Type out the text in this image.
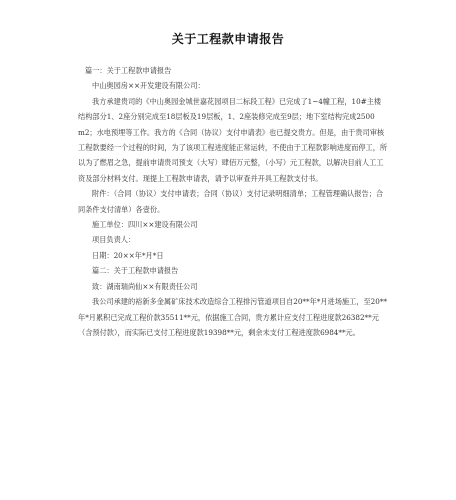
关于工程款申请报告

篇一：关于工程款申请报告

中山奥园房××开发建设有限公司：

我方承建贵司的《中山奥园金城世嘉花园项目二标段工程》已完成了1~4幢工程，10#主楼结构部分1、2座分别完成至18层板及19层板，1、2座装修完成至9层；地下室结构完成2500 m2；水电预埋等工作。我方的《合同（协议）支付申请表》也已提交贵方。但是，由于贵司审核工程款要经一个过程的时间，为了该项工程进度能正常运转，不使由于工程款影响进度而停工，所以为了燃眉之急，提前申请贵司预支（大写）肆佰万元整，（小写）元工程款，以解决目前人工工资及部分材料支付。现提上工程款申请表，请予以审查并开具工程款支付书。

附件：（合同（协议）支付申请表；合同（协议）支付记录明细清单；工程管理确认报告；合同条件支付清单）各壹份。

施工单位：四川××建设有限公司

项目负责人：

日期：20××年*月*日

篇二：关于工程款申请报告

致：湖南瑞尚仙××有限责任公司

我公司承建的裕新多金属矿床技术改造综合工程排污管道项目自20**年*月进场施工，至20**年*月累积已完成工程价款35511**元，依据施工合同，贵方累计应支付工程进度款26382**元（含预付款），而实际已支付工程进度款19398**元，剩余未支付工程进度款6984**元。
